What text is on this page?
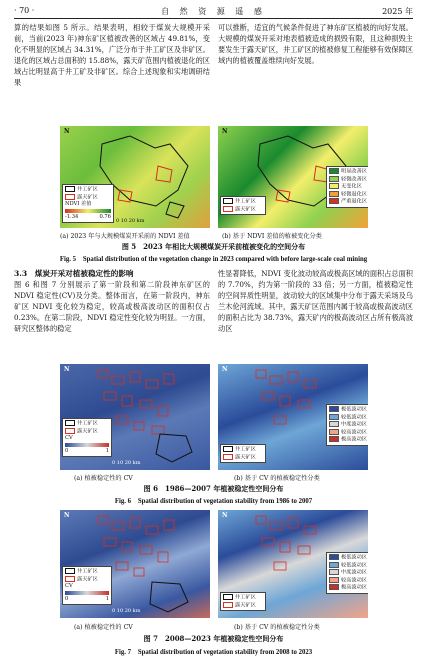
· 70 ·	自 然 资 源 遥 感	2025 年

算的结果如图 5 所示。结果表明，相较于煤炭大规模开采前，当前(2023 年)神东矿区植被改善的区域占 49.81%，变化不明显的区域占 34.31%，广泛分布于井工矿区及非矿区。退化的区域占总面积的 15.88%，露天矿范围内植被退化的区域占比明显高于井工矿及非矿区。综合上述现象和实地调研结果

可以推断，适宜的气候条件促进了神东矿区植被的向好发展。大规模的煤炭开采对地表植被造成的损毁有限，且这种损毁主要发生于露天矿区，井工矿区的植被修复工程能够有效保障区域内的植被覆盖维续向好发展。

N
井工矿区
露天矿区
NDVI 差值
-1.34	0.76
0 10 20 km
N
井工矿区
露天矿区
明显改善区
轻微改善区
无变化区
轻微退化区
严重退化区
(a) 2023 年与大规模煤炭开采前的 NDVI 差值	(b) 基于 NDVI 差值的植被变化分类
图 5　2023 年相比大规模煤炭开采前植被变化的空间分布
Fig. 5　Spatial distribution of the vegetation change in 2023 compared with before large-scale coal mining
3.3　煤炭开采对植被稳定性的影响

图 6 和图 7 分别展示了第一阶段和第二阶段神东矿区的 NDVI 稳定性(CV)及分类。整体而言，在第一阶段内，神东矿区 NDVI 变化较为稳定，较高或极高波动区的面积仅占 0.23%。在第二阶段，NDVI 稳定性变化较为明显。一方面，研究区整体的稳定

性显著降低，NDVI 变化波动较高或极高区域的面积占总面积的 7.70%，约为第一阶段的 33 倍；另一方面，植被稳定性的空间异质性明显，波动较大的区域集中分布于露天采场及乌兰木伦河流域。其中，露天矿区范围内属于较高或极高波动区的面积占比为 38.73%，露天矿内的极高波动区占所有极高波动区

N
井工矿区
露天矿区
CV
0	1
0 10 20 km
N
井工矿区
露天矿区
极低波动区
较低波动区
中度波动区
较高波动区
极高波动区
(a) 植被稳定性的 CV	(b) 基于 CV 的植被稳定性分类
图 6　1986—2007 年植被稳定性空间分布
Fig. 6　Spatial distribution of vegetation stability from 1986 to 2007
N
井工矿区
露天矿区
CV
0	1
0 10 20 km
N
井工矿区
露天矿区
极低波动区
较低波动区
中度波动区
较高波动区
极高波动区
(a) 植被稳定性的 CV	(b) 基于 CV 的植被稳定性分类
图 7　2008—2023 年植被稳定性空间分布
Fig. 7　Spatial distribution of vegetation stability from 2008 to 2023
